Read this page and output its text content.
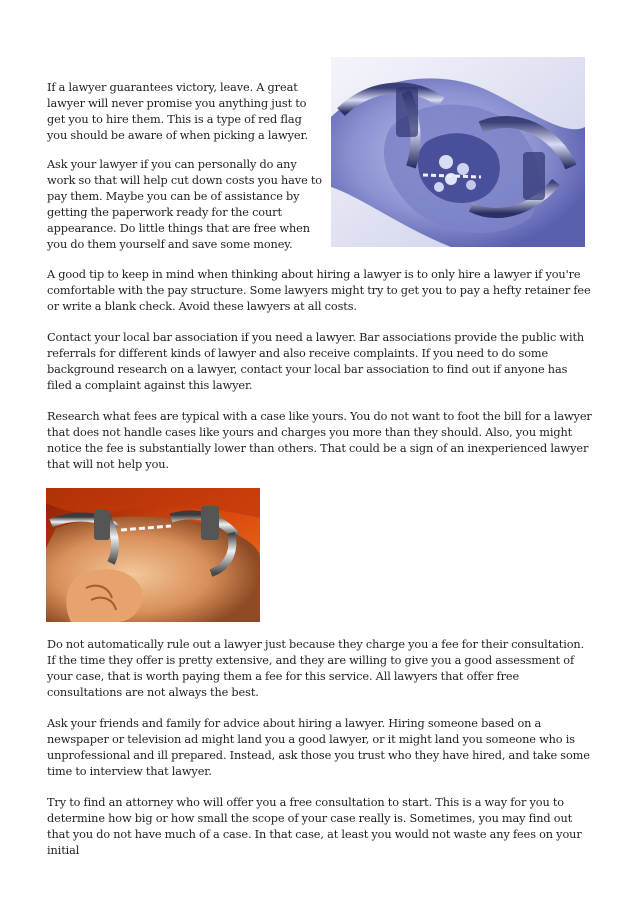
If a lawyer guarantees victory, leave. A great lawyer will never promise you anything just to get you to hire them. This is a type of red flag you should be aware of when picking a lawyer.

Ask your lawyer if you can personally do any work so that will help cut down costs you have to pay them. Maybe you can be of assistance by getting the paperwork ready for the court appearance. Do little things that are free when you do them yourself and save some money.

A good tip to keep in mind when thinking about hiring a lawyer is to only hire a lawyer if you're comfortable with the pay structure. Some lawyers might try to get you to pay a hefty retainer fee or write a blank check. Avoid these lawyers at all costs.

Contact your local bar association if you need a lawyer. Bar associations provide the public with referrals for different kinds of lawyer and also receive complaints. If you need to do some background research on a lawyer, contact your local bar association to find out if anyone has filed a complaint against this lawyer.

Research what fees are typical with a case like yours. You do not want to foot the bill for a lawyer that does not handle cases like yours and charges you more than they should. Also, you might notice the fee is substantially lower than others. That could be a sign of an inexperienced lawyer that will not help you.

Do not automatically rule out a lawyer just because they charge you a fee for their consultation. If the time they offer is pretty extensive, and they are willing to give you a good assessment of your case, that is worth paying them a fee for this service. All lawyers that offer free consultations are not always the best.

Ask your friends and family for advice about hiring a lawyer. Hiring someone based on a newspaper or television ad might land you a good lawyer, or it might land you someone who is unprofessional and ill prepared. Instead, ask those you trust who they have hired, and take some time to interview that lawyer.

Try to find an attorney who will offer you a free consultation to start. This is a way for you to determine how big or how small the scope of your case really is. Sometimes, you may find out that you do not have much of a case. In that case, at least you would not waste any fees on your initial
